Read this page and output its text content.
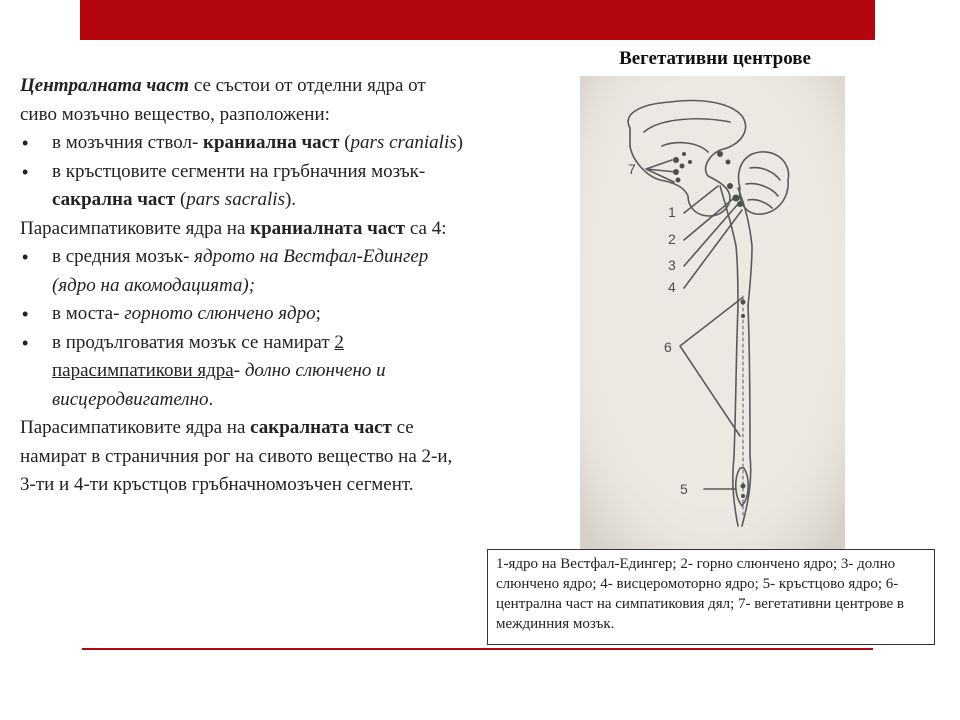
Вегетативни центрове

Централната част се състои от отделни ядра от сиво мозъчно вещество, разположени:

• в мозъчния ствол- краниална част (pars cranialis)
• в кръстцовите сегменти на гръбначния мозък- сакрална част (pars sacralis).

Парасимпатиковите ядра на краниалната част са 4:

• в средния мозък- ядрото на Вестфал-Едингер (ядро на акомодацията);
• в моста- горното слюнчено ядро;
• в продълговатия мозък се намират 2 парасимпатикови ядра- долно слюнчено и висцеродвигателно.

Парасимпатиковите ядра на сакралната част се намират в страничния рог на сивото вещество на 2-и, 3-ти и 4-ти кръстцов гръбначномозъчен сегмент.

7
1
2
3
4
6
5
1-ядро на Вестфал-Едингер; 2- горно слюнчено ядро; 3- долно слюнчено ядро; 4- висцеромоторно ядро; 5- кръстцово ядро; 6- централна част на симпатиковия дял; 7- вегетативни центрове в междинния мозък.
